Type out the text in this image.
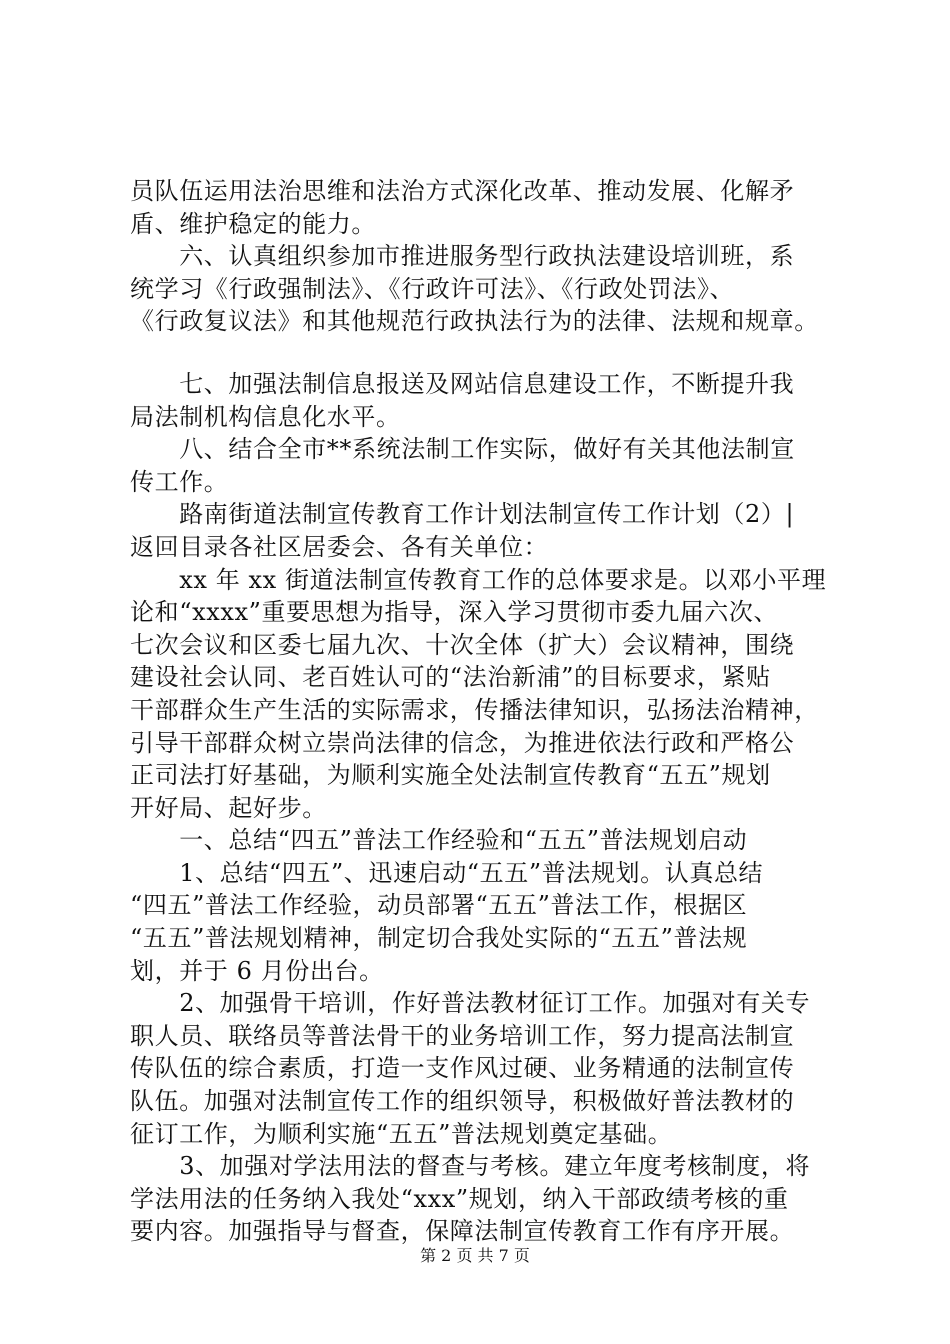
员队伍运用法治思维和法治方式深化改革、推动发展、化解矛
盾、维护稳定的能力。
　　六、认真组织参加市推进服务型行政执法建设培训班，系
统学习《行政强制法》、《行政许可法》、《行政处罚法》、
《行政复议法》和其他规范行政执法行为的法律、法规和规章。
　　七、加强法制信息报送及网站信息建设工作，不断提升我
局法制机构信息化水平。
　　八、结合全市**系统法制工作实际，做好有关其他法制宣
传工作。
　　路南街道法制宣传教育工作计划法制宣传工作计划（2）|
返回目录各社区居委会、各有关单位：
　　xx 年 xx 街道法制宣传教育工作的总体要求是。以邓小平理
论和“xxxx”重要思想为指导，深入学习贯彻市委九届六次、
七次会议和区委七届九次、十次全体（扩大）会议精神，围绕
建设社会认同、老百姓认可的“法治新浦”的目标要求，紧贴
干部群众生产生活的实际需求，传播法律知识，弘扬法治精神，
引导干部群众树立崇尚法律的信念，为推进依法行政和严格公
正司法打好基础，为顺利实施全处法制宣传教育“五五”规划
开好局、起好步。
　　一、总结“四五”普法工作经验和“五五”普法规划启动
　　1、总结“四五”、迅速启动“五五”普法规划。认真总结
“四五”普法工作经验，动员部署“五五”普法工作，根据区
“五五”普法规划精神，制定切合我处实际的“五五”普法规
划，并于 6 月份出台。
　　2、加强骨干培训，作好普法教材征订工作。加强对有关专
职人员、联络员等普法骨干的业务培训工作，努力提高法制宣
传队伍的综合素质，打造一支作风过硬、业务精通的法制宣传
队伍。加强对法制宣传工作的组织领导，积极做好普法教材的
征订工作，为顺利实施“五五”普法规划奠定基础。
　　3、加强对学法用法的督查与考核。建立年度考核制度，将
学法用法的任务纳入我处“xxx”规划，纳入干部政绩考核的重
要内容。加强指导与督查，保障法制宣传教育工作有序开展。
第 2 页 共 7 页
